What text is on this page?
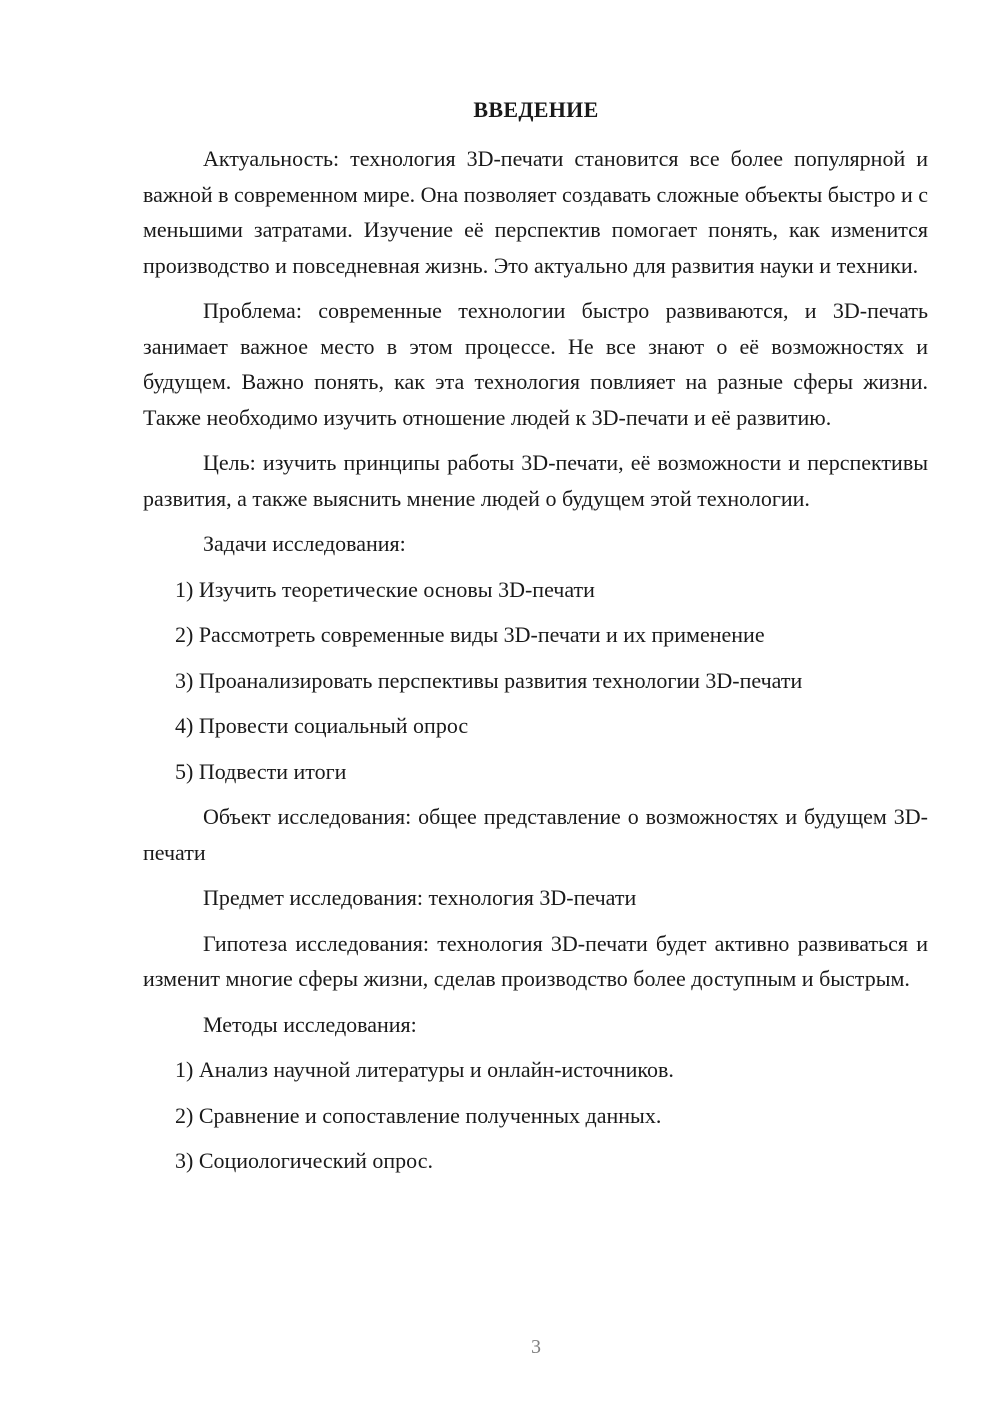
ВВЕДЕНИЕ

Актуальность: технология 3D-печати становится все более популярной и важной в современном мире. Она позволяет создавать сложные объекты быстро и с меньшими затратами. Изучение её перспектив помогает понять, как изменится производство и повседневная жизнь. Это актуально для развития науки и техники.

Проблема: современные технологии быстро развиваются, и 3D-печать занимает важное место в этом процессе. Не все знают о её возможностях и будущем. Важно понять, как эта технология повлияет на разные сферы жизни. Также необходимо изучить отношение людей к 3D-печати и её развитию.

Цель: изучить принципы работы 3D-печати, её возможности и перспективы развития, а также выяснить мнение людей о будущем этой технологии.

Задачи исследования:

1) Изучить теоретические основы 3D-печати

2) Рассмотреть современные виды 3D-печати и их применение

3) Проанализировать перспективы развития технологии 3D-печати

4) Провести социальный опрос

5) Подвести итоги

Объект исследования: общее представление о возможностях и будущем 3D-печати

Предмет исследования: технология 3D-печати

Гипотеза исследования: технология 3D-печати будет активно развиваться и изменит многие сферы жизни, сделав производство более доступным и быстрым.

Методы исследования:

1) Анализ научной литературы и онлайн-источников.

2) Сравнение и сопоставление полученных данных.

3) Социологический опрос.

3
